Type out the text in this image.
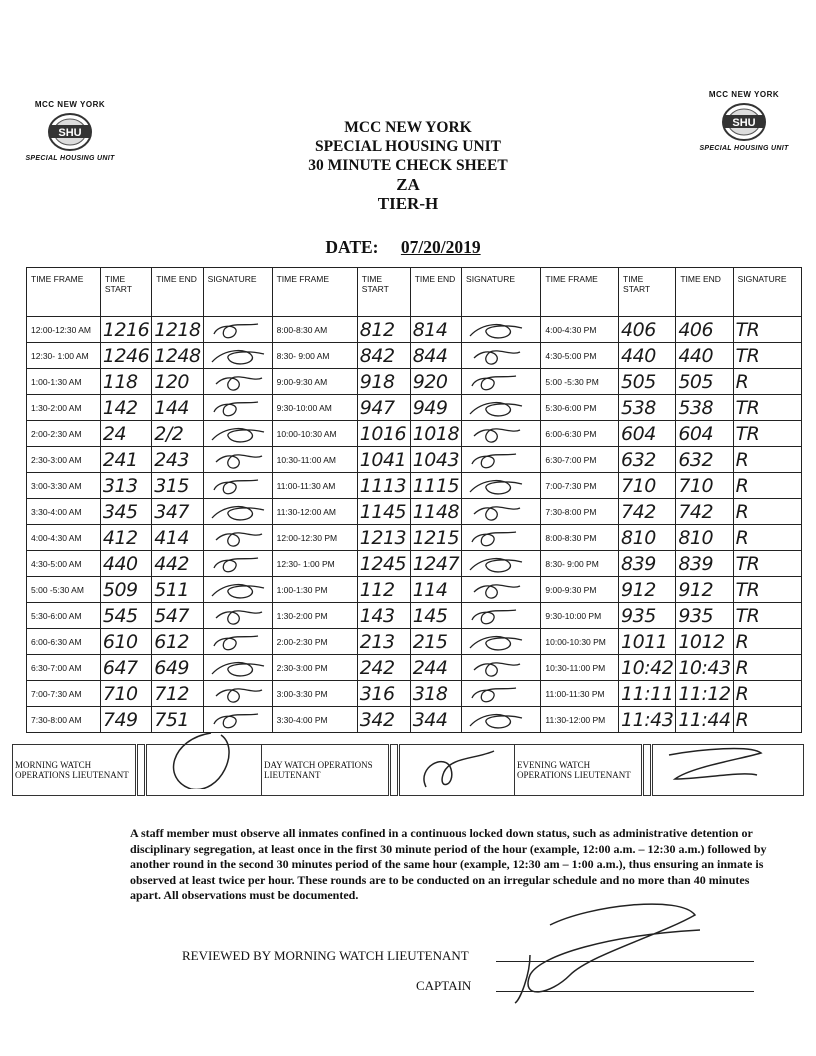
MCC NEW YORK
SHU
SPECIAL HOUSING UNIT
MCC NEW YORK
SHU
SPECIAL HOUSING UNIT
MCC NEW YORK
SPECIAL HOUSING UNIT
30 MINUTE CHECK SHEET
ZA
TIER-H
DATE: 07/20/2019
TIME FRAME	TIME START	TIME END	SIGNATURE	TIME FRAME	TIME START	TIME END	SIGNATURE	TIME FRAME	TIME START	TIME END	SIGNATURE
12:00-12:30 AM	1216	1218		8:00-8:30 AM	812	814		4:00-4:30 PM	406	406	TR
12:30- 1:00 AM	1246	1248		8:30- 9:00 AM	842	844		4:30-5:00 PM	440	440	TR
1:00-1:30 AM	118	120		9:00-9:30 AM	918	920		5:00 -5:30 PM	505	505	R
1:30-2:00 AM	142	144		9:30-10:00 AM	947	949		5:30-6:00 PM	538	538	TR
2:00-2:30 AM	24	2/2		10:00-10:30 AM	1016	1018		6:00-6:30 PM	604	604	TR
2:30-3:00 AM	241	243		10:30-11:00 AM	1041	1043		6:30-7:00 PM	632	632	R
3:00-3:30 AM	313	315		11:00-11:30 AM	1113	1115		7:00-7:30 PM	710	710	R
3:30-4:00 AM	345	347		11:30-12:00 AM	1145	1148		7:30-8:00 PM	742	742	R
4:00-4:30 AM	412	414		12:00-12:30 PM	1213	1215		8:00-8:30 PM	810	810	R
4:30-5:00 AM	440	442		12:30- 1:00 PM	1245	1247		8:30- 9:00 PM	839	839	TR
5:00 -5:30 AM	509	511		1:00-1:30 PM	112	114		9:00-9:30 PM	912	912	TR
5:30-6:00 AM	545	547		1:30-2:00 PM	143	145		9:30-10:00 PM	935	935	TR
6:00-6:30 AM	610	612		2:00-2:30 PM	213	215		10:00-10:30 PM	1011	1012	R
6:30-7:00 AM	647	649		2:30-3:00 PM	242	244		10:30-11:00 PM	10:42	10:43	R
7:00-7:30 AM	710	712		3:00-3:30 PM	316	318		11:00-11:30 PM	11:11	11:12	R
7:30-8:00 AM	749	751		3:30-4:00 PM	342	344		11:30-12:00 PM	11:43	11:44	R
MORNING WATCH OPERATIONS LIEUTENANT		
	DAY WATCH OPERATIONS LIEUTENANT		
	EVENING WATCH OPERATIONS LIEUTENANT		
A staff member must observe all inmates confined in a continuous locked down status, such as administrative detention or disciplinary segregation, at least once in the first 30 minute period of the hour (example, 12:00 a.m. – 12:30 a.m.) followed by another round in the second 30 minutes period of the same hour (example, 12:30 am – 1:00 a.m.), thus ensuring an inmate is observed at least twice per hour. These rounds are to be conducted on an irregular schedule and no more than 40 minutes apart. All observations must be documented.
REVIEWED BY MORNING WATCH LIEUTENANT
CAPTAIN
